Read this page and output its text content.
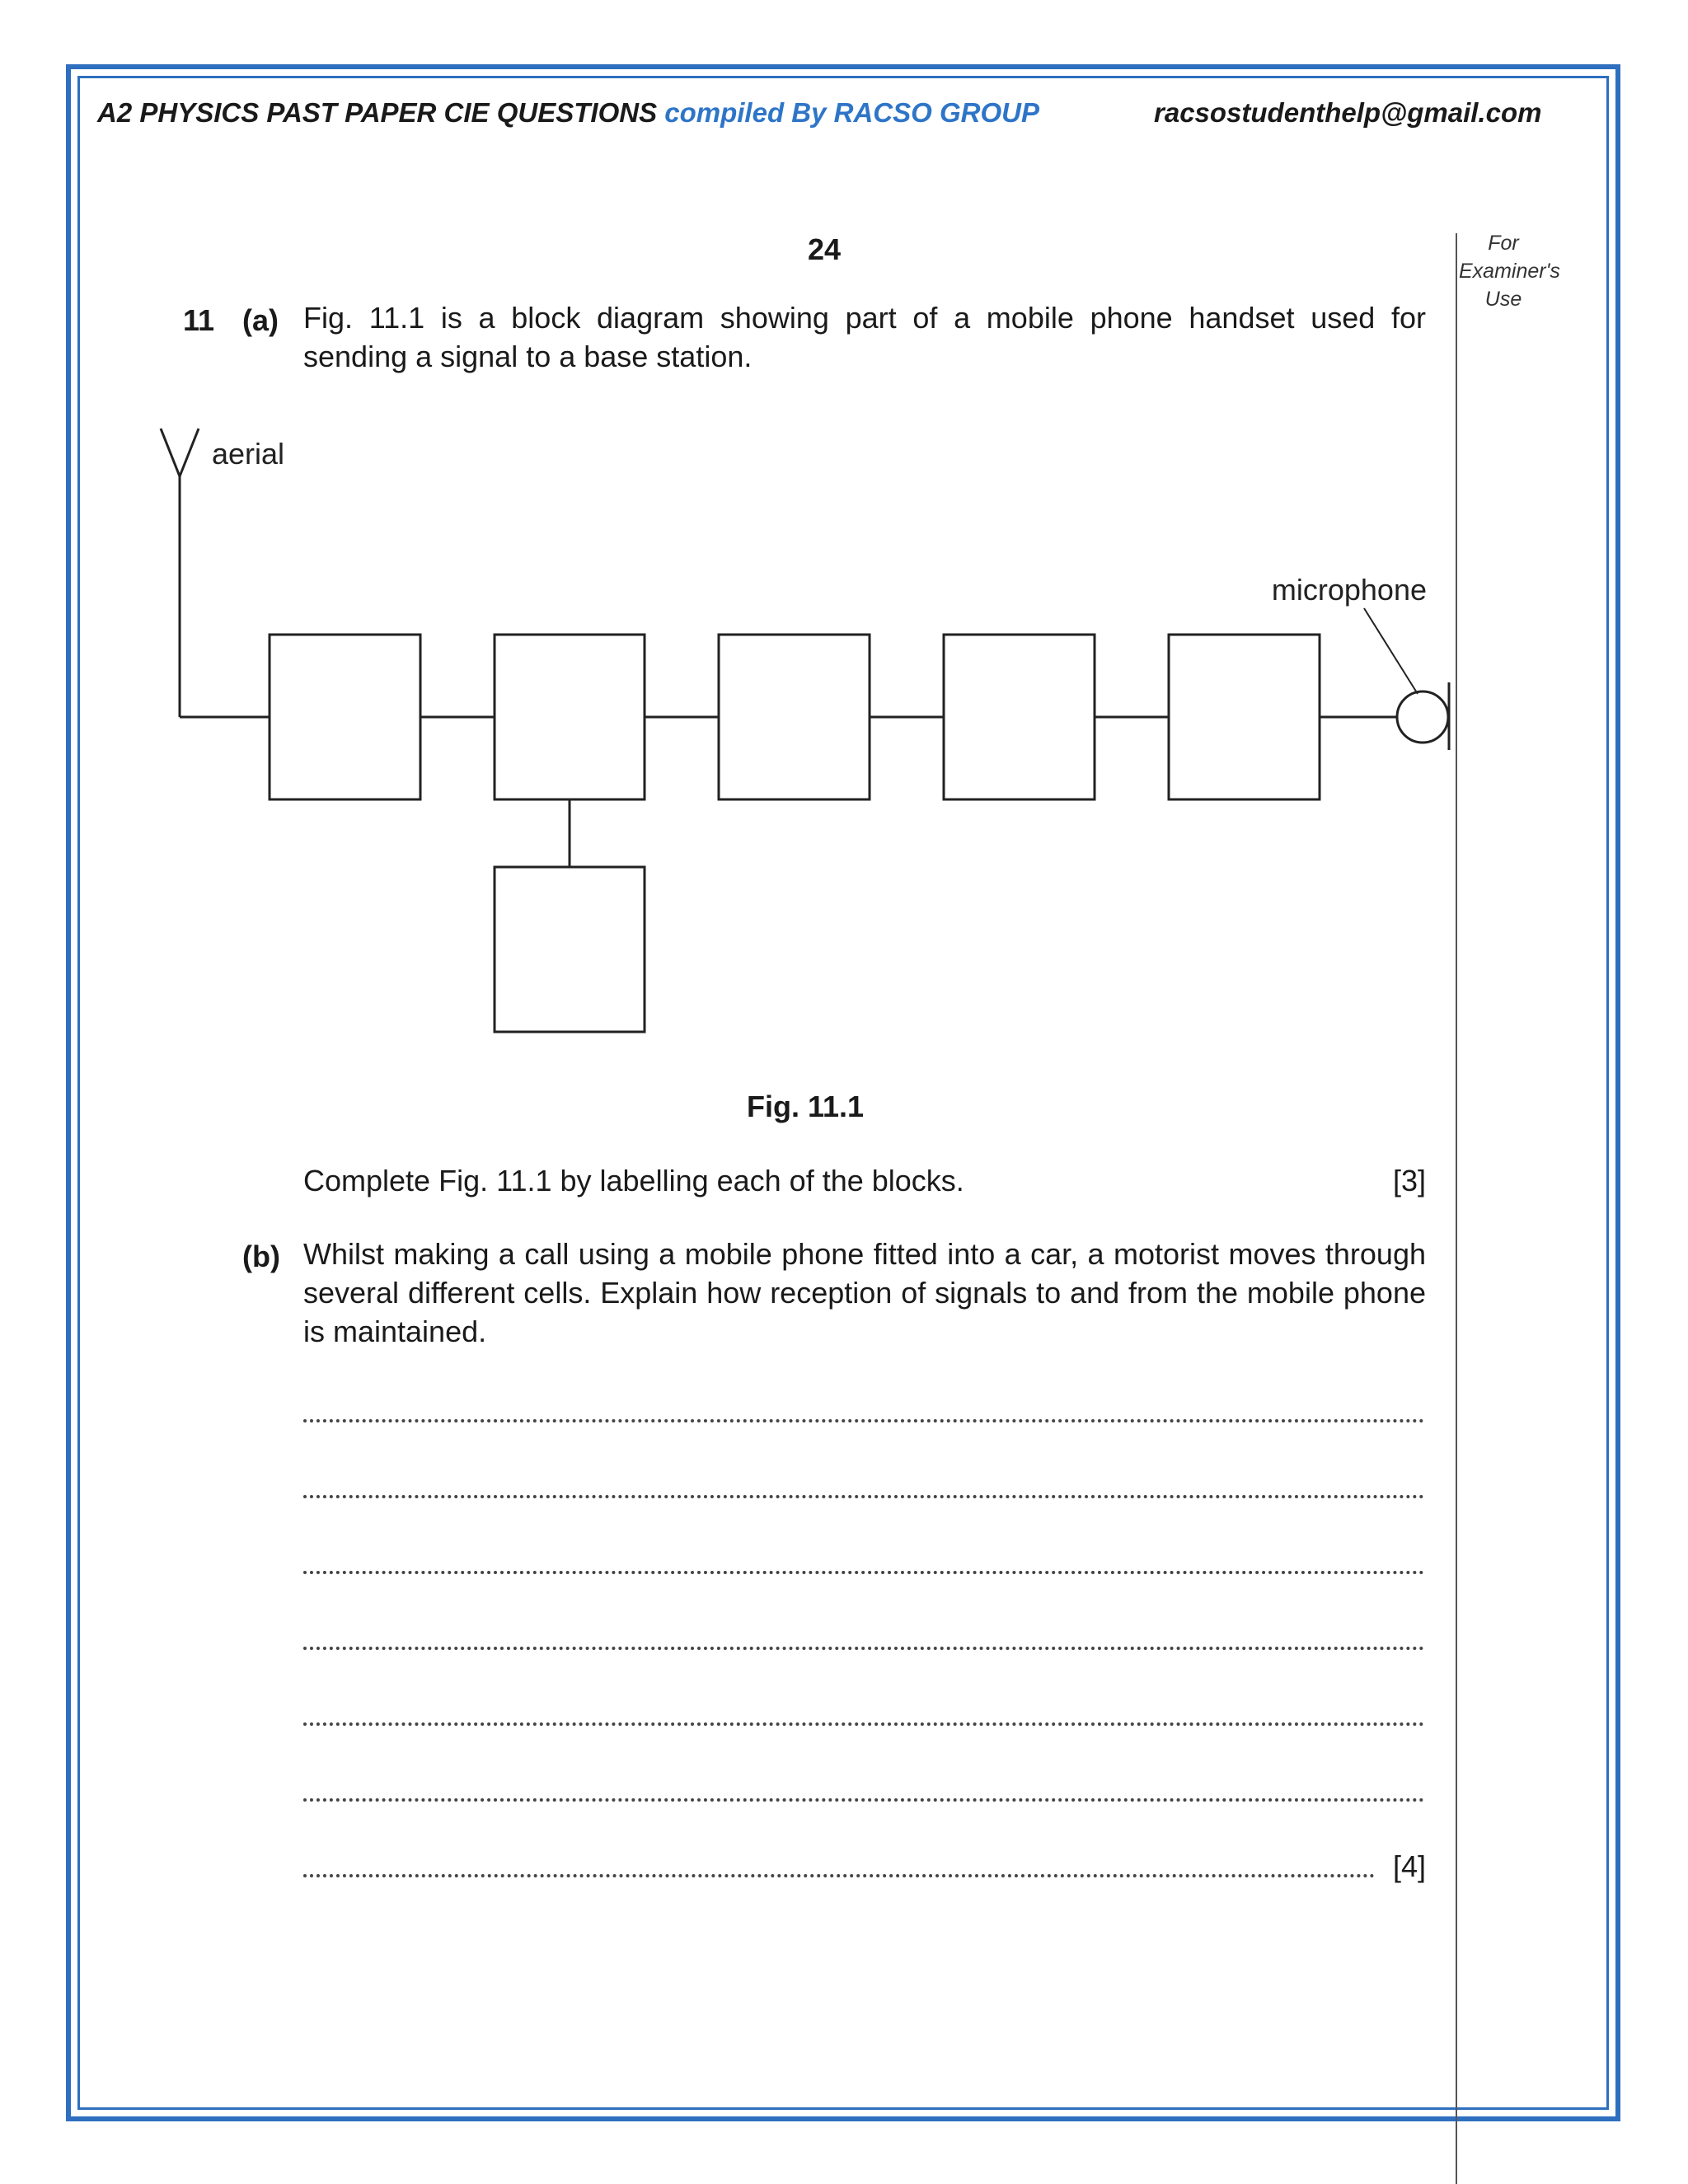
A2 PHYSICS PAST PAPER CIE QUESTIONS compiled By RACSO GROUP	racsostudenthelp@gmail.com
For
Examiner's
Use
24
11 (a) Fig. 11.1 is a block diagram showing part of a mobile phone handset used for sending a signal to a base station.
aerial
microphone
Fig. 11.1
Complete Fig. 11.1 by labelling each of the blocks.	[3]
(b) Whilst making a call using a mobile phone fitted into a car, a motorist moves through several different cells. Explain how reception of signals to and from the mobile phone is maintained.
[4]
